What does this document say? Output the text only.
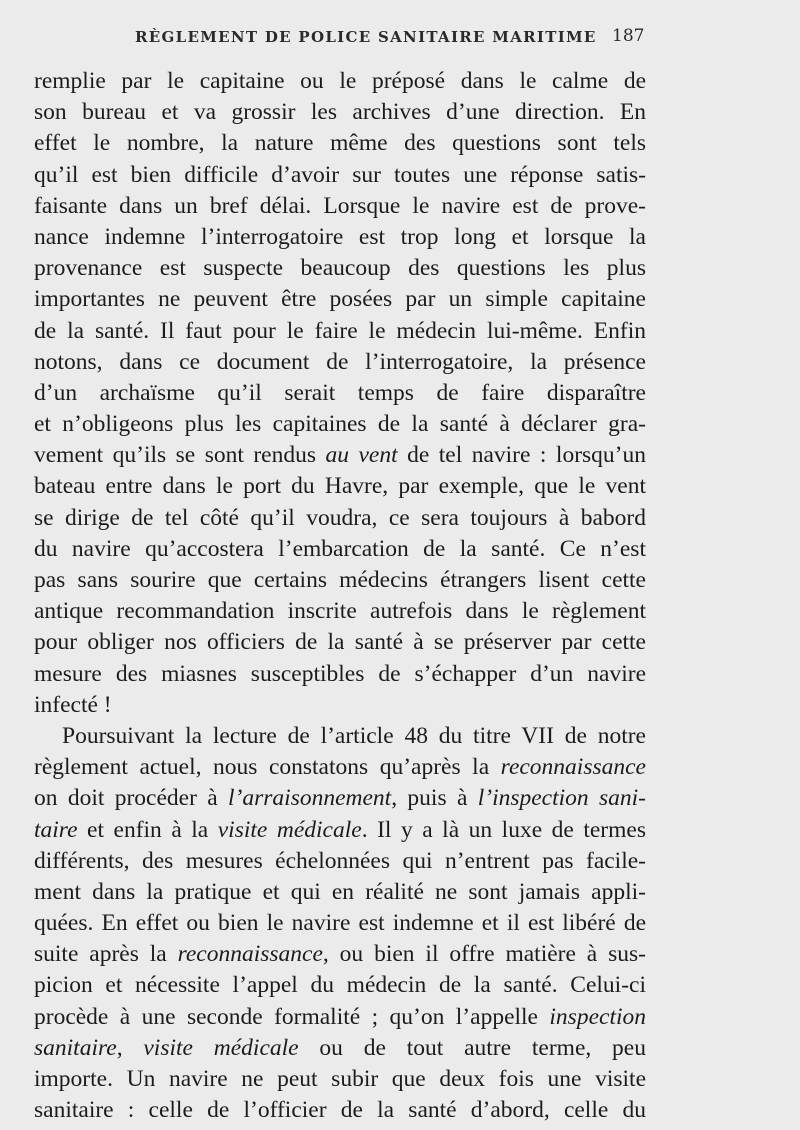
RÈGLEMENT DE POLICE SANITAIRE MARITIME 187
remplie par le capitaine ou le préposé dans le calme de
son bureau et va grossir les archives d’une direction. En
effet le nombre, la nature même des questions sont tels
qu’il est bien difficile d’avoir sur toutes une réponse satis-
faisante dans un bref délai. Lorsque le navire est de prove-
nance indemne l’interrogatoire est trop long et lorsque la
provenance est suspecte beaucoup des questions les plus
importantes ne peuvent être posées par un simple capitaine
de la santé. Il faut pour le faire le médecin lui-même. Enfin
notons, dans ce document de l’interrogatoire, la présence
d’un archaïsme qu’il serait temps de faire disparaître
et n’obligeons plus les capitaines de la santé à déclarer gra-
vement qu’ils se sont rendus au vent de tel navire : lorsqu’un
bateau entre dans le port du Havre, par exemple, que le vent
se dirige de tel côté qu’il voudra, ce sera toujours à babord
du navire qu’accostera l’embarcation de la santé. Ce n’est
pas sans sourire que certains médecins étrangers lisent cette
antique recommandation inscrite autrefois dans le règlement
pour obliger nos officiers de la santé à se préserver par cette
mesure des miasnes susceptibles de s’échapper d’un navire
infecté !
Poursuivant la lecture de l’article 48 du titre VII de notre
règlement actuel, nous constatons qu’après la reconnaissance
on doit procéder à l’arraisonnement, puis à l’inspection sani-
taire et enfin à la visite médicale. Il y a là un luxe de termes
différents, des mesures échelonnées qui n’entrent pas facile-
ment dans la pratique et qui en réalité ne sont jamais appli-
quées. En effet ou bien le navire est indemne et il est libéré de
suite après la reconnaissance, ou bien il offre matière à sus-
picion et nécessite l’appel du médecin de la santé. Celui-ci
procède à une seconde formalité ; qu’on l’appelle inspection
sanitaire, visite médicale ou de tout autre terme, peu
importe. Un navire ne peut subir que deux fois une visite
sanitaire : celle de l’officier de la santé d’abord, celle du
